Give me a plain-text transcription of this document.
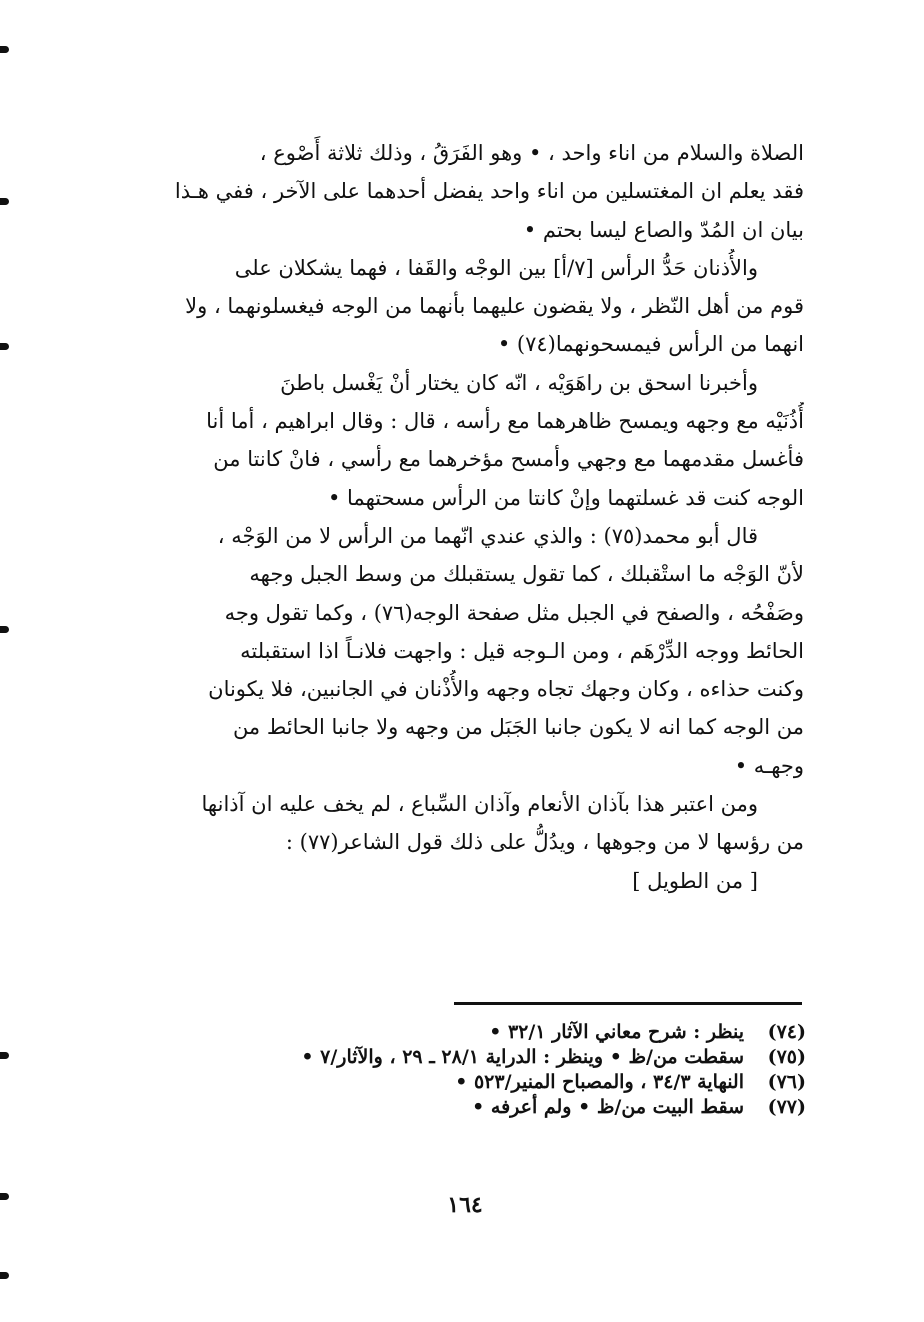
الصلاة والسلام من اناء واحد ، • وهو الفَرَقُ ، وذلك ثلاثة أَصْوع ،
فقد يعلم ان المغتسلين من اناء واحد يفضل أحدهما على الآخر ، ففي هـذا
بيان ان المُدّ والصاع ليسا بحتم •
والأُذنان حَدُّ الرأس [٧/أ] بين الوجْه والقَفا ، فهما يشكلان على
قوم من أهل النّظر ، ولا يقضون عليهما بأنهما من الوجه فيغسلونهما ، ولا
انهما من الرأس فيمسحونهما(٧٤) •
وأخبرنا اسحق بن راهَوَيْه ، انّه كان يختار أنْ يَغْسل باطنَ
أُذُنَيْه مع وجهه ويمسح ظاهرهما مع رأسه ، قال : وقال ابراهيم ، أما أنا
فأغسل مقدمهما مع وجهي وأمسح مؤخرهما مع رأسي ، فانْ كانتا من
الوجه كنت قد غسلتهما وإنْ كانتا من الرأس مسحتهما •
قال أبو محمد(٧٥) : والذي عندي انّهما من الرأس لا من الوَجْه ،
لأنّ الوَجْه ما استْقبلك ، كما تقول يستقبلك من وسط الجبل وجهه
وصَفْحُه ، والصفح في الجبل مثل صفحة الوجه(٧٦) ، وكما تقول وجه
الحائط ووجه الدِّرْهَم ، ومن الـوجه قيل : واجهت فلانـاً اذا استقبلته
وكنت حذاءه ، وكان وجهك تجاه وجهه والأُذْنان في الجانبين، فلا يكونان
من الوجه كما انه لا يكون جانبا الجَبَل من وجهه ولا جانبا الحائط من
وجهـه •
ومن اعتبر هذا بآذان الأنعام وآذان السِّباع ، لم يخف عليه ان آذانها
من رؤسها لا من وجوهها ، ويدُلُّ على ذلك قول الشاعر(٧٧) :
[ من الطويل ]
(٧٤)
ينظر : شرح معاني الآثار ٣٢/١ •
(٧٥)
سقطت من/ظ • وينظر : الدراية ٢٨/١ ـ ٢٩ ، والآثار/٧ •
(٧٦)
النهاية ٣٤/٣ ، والمصباح المنير/٥٢٣ •
(٧٧)
سقط البيت من/ظ • ولم أعرفه •
١٦٤
